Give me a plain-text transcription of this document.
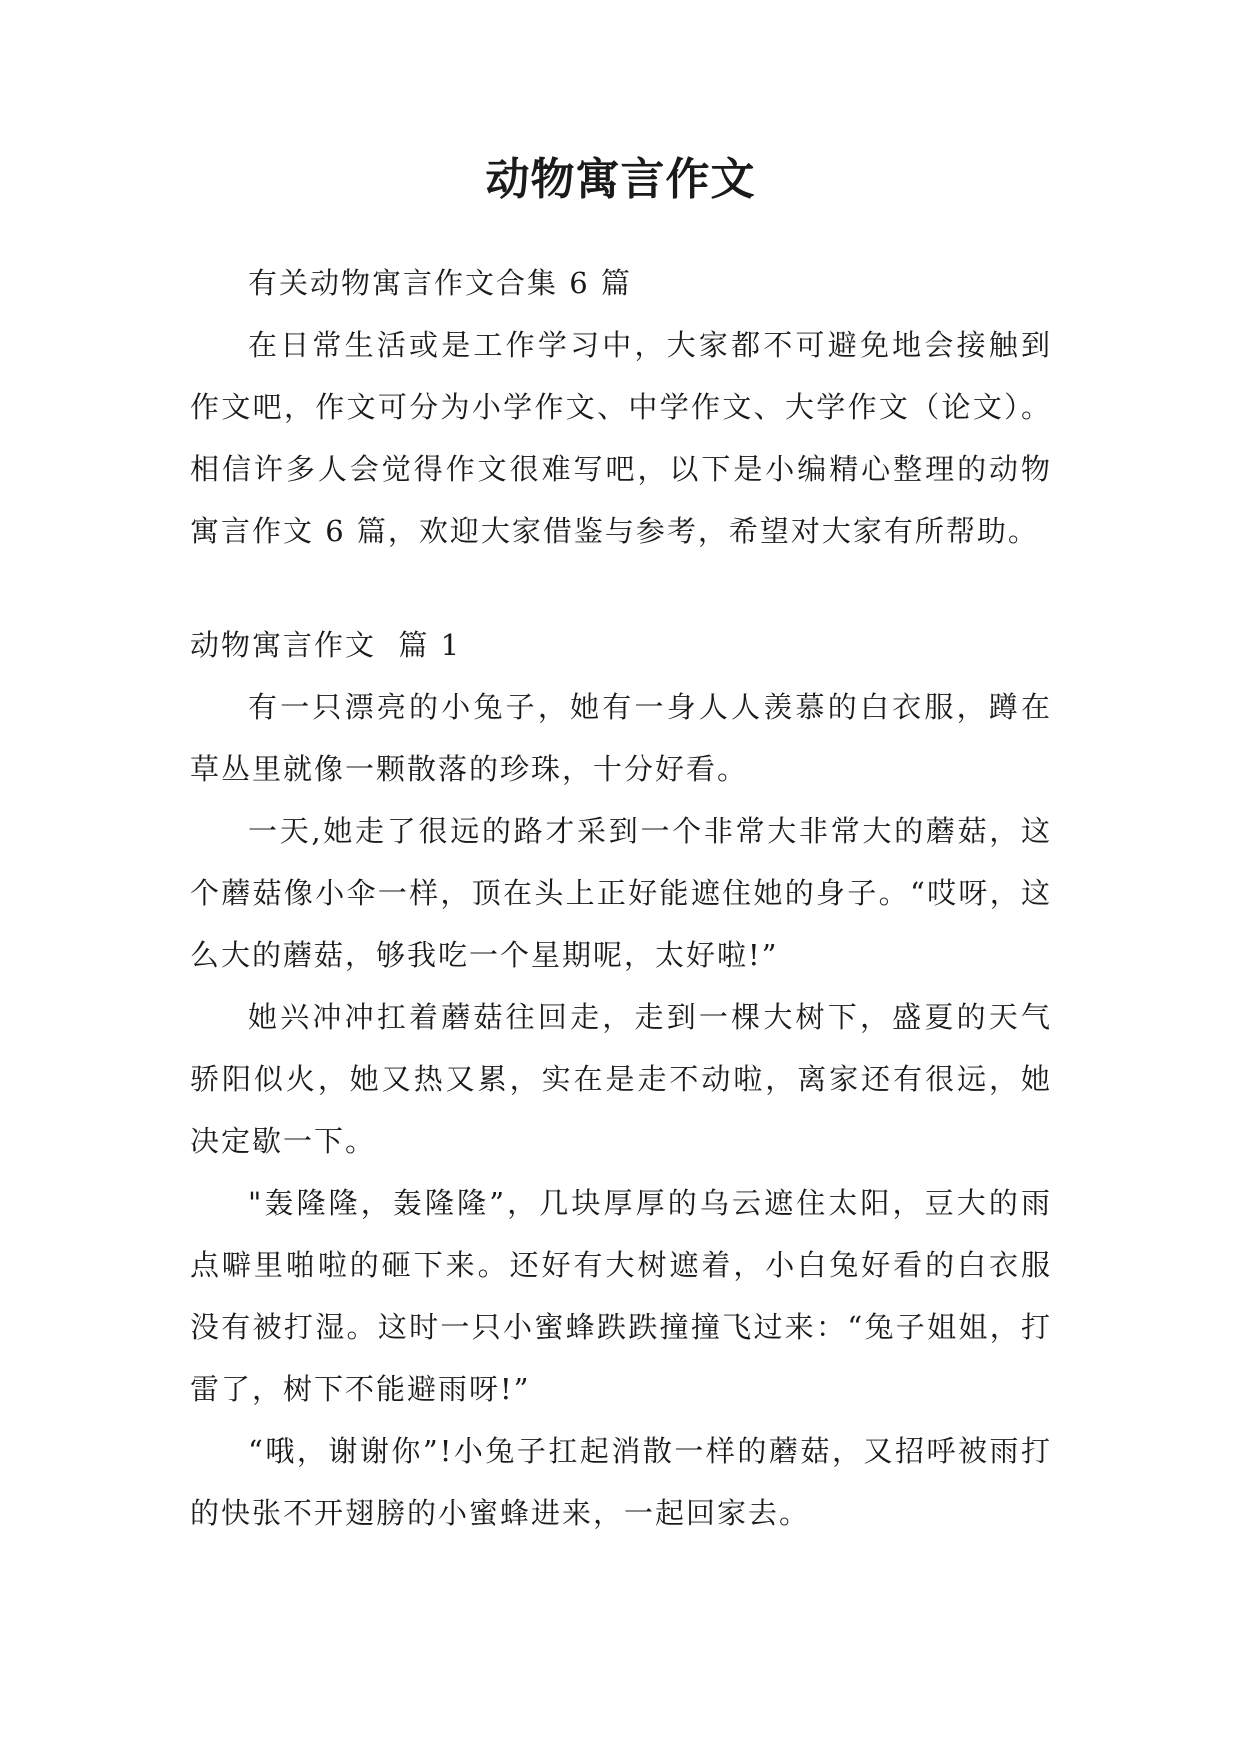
动物寓言作文

有关动物寓言作文合集 6 篇

在日常生活或是工作学习中，大家都不可避免地会接触到作文吧，作文可分为小学作文、中学作文、大学作文（论文）。相信许多人会觉得作文很难写吧，以下是小编精心整理的动物寓言作文 6 篇，欢迎大家借鉴与参考，希望对大家有所帮助。

动物寓言作文  篇 1

有一只漂亮的小兔子，她有一身人人羡慕的白衣服，蹲在草丛里就像一颗散落的珍珠，十分好看。

一天,她走了很远的路才采到一个非常大非常大的蘑菇，这个蘑菇像小伞一样，顶在头上正好能遮住她的身子。“哎呀，这么大的蘑菇，够我吃一个星期呢，太好啦!”

她兴冲冲扛着蘑菇往回走，走到一棵大树下，盛夏的天气骄阳似火，她又热又累，实在是走不动啦，离家还有很远，她决定歇一下。

"轰隆隆，轰隆隆”，几块厚厚的乌云遮住太阳，豆大的雨点噼里啪啦的砸下来。还好有大树遮着，小白兔好看的白衣服没有被打湿。这时一只小蜜蜂跌跌撞撞飞过来：“兔子姐姐，打雷了，树下不能避雨呀!”

“哦，谢谢你”!小兔子扛起消散一样的蘑菇，又招呼被雨打的快张不开翅膀的小蜜蜂进来，一起回家去。
